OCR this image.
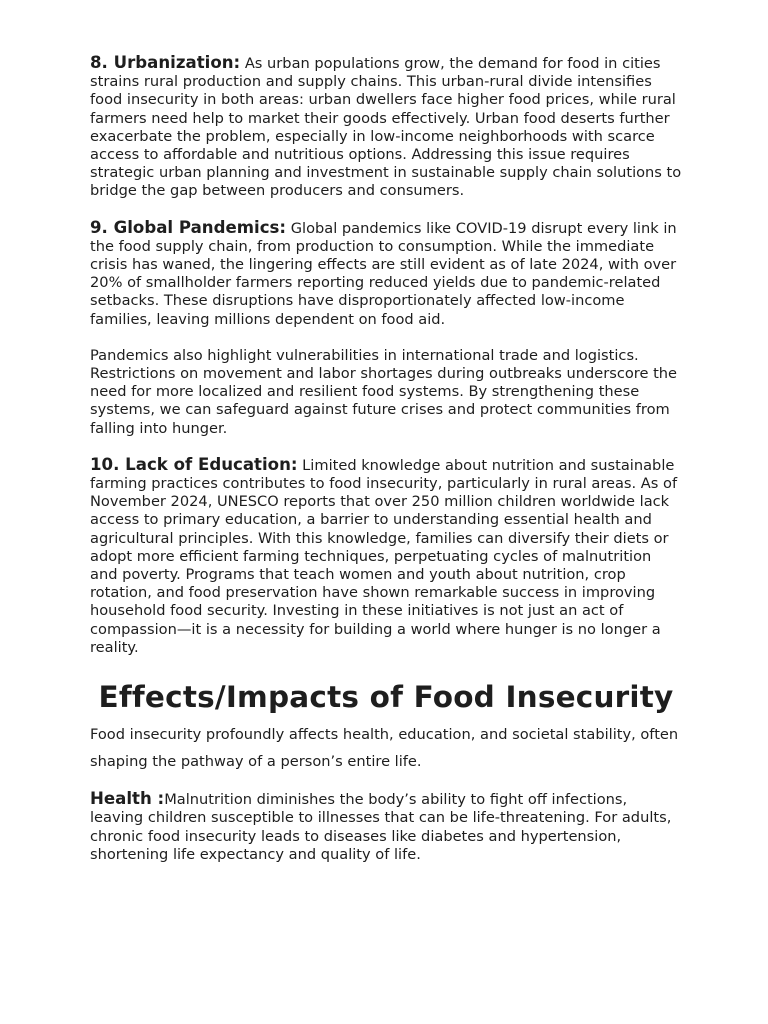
8. Urbanization: As urban populations grow, the demand for food in cities strains rural production and supply chains. This urban-rural divide intensifies food insecurity in both areas: urban dwellers face higher food prices, while rural farmers need help to market their goods effectively. Urban food deserts further exacerbate the problem, especially in low-income neighborhoods with scarce access to affordable and nutritious options. Addressing this issue requires strategic urban planning and investment in sustainable supply chain solutions to bridge the gap between producers and consumers.

9. Global Pandemics: Global pandemics like COVID-19 disrupt every link in the food supply chain, from production to consumption. While the immediate crisis has waned, the lingering effects are still evident as of late 2024, with over 20% of smallholder farmers reporting reduced yields due to pandemic-related setbacks. These disruptions have disproportionately affected low-income families, leaving millions dependent on food aid.

Pandemics also highlight vulnerabilities in international trade and logistics. Restrictions on movement and labor shortages during outbreaks underscore the need for more localized and resilient food systems. By strengthening these systems, we can safeguard against future crises and protect communities from falling into hunger.

10. Lack of Education: Limited knowledge about nutrition and sustainable farming practices contributes to food insecurity, particularly in rural areas. As of November 2024, UNESCO reports that over 250 million children worldwide lack access to primary education, a barrier to understanding essential health and agricultural principles. With this knowledge, families can diversify their diets or adopt more efficient farming techniques, perpetuating cycles of malnutrition and poverty. Programs that teach women and youth about nutrition, crop rotation, and food preservation have shown remarkable success in improving household food security. Investing in these initiatives is not just an act of compassion—it is a necessity for building a world where hunger is no longer a reality.

Effects/Impacts of Food Insecurity

Food insecurity profoundly affects health, education, and societal stability, often shaping the pathway of a person’s entire life.

Health :Malnutrition diminishes the body’s ability to fight off infections, leaving children susceptible to illnesses that can be life-threatening. For adults, chronic food insecurity leads to diseases like diabetes and hypertension, shortening life expectancy and quality of life.
